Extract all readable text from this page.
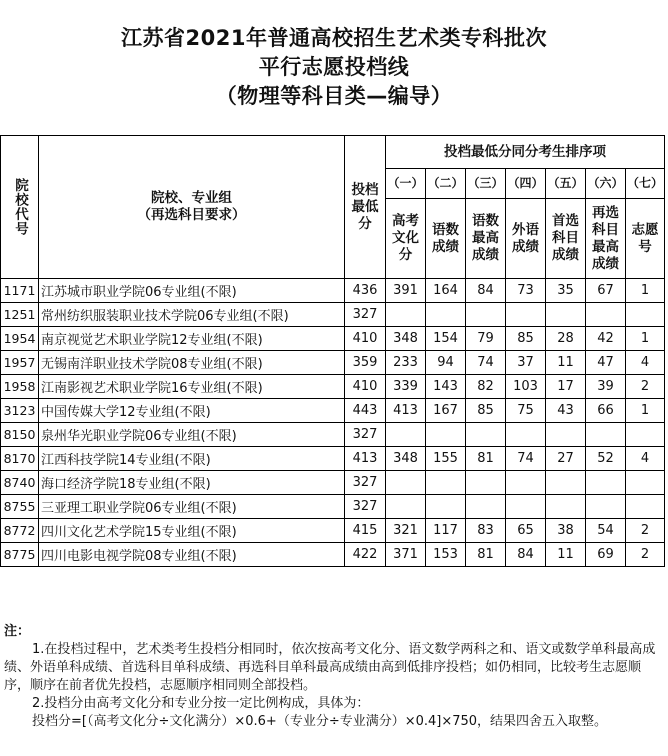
江苏省2021年普通高校招生艺术类专科批次
平行志愿投档线
（物理等科目类—编导）
院校代号	院校、专业组
（再选科目要求）	投档最低分	投档最低分同分考生排序项						
			（一）	（二）	（三）	（四）	（五）	（六）	（七）

			高考文化分	语数成绩	语数最高成绩	外语成绩	首选科目成绩	再选科目最高成绩	志愿号

1171	江苏城市职业学院06专业组(不限)	436	391	164	84	73	35	67	1
1251	常州纺织服装职业技术学院06专业组(不限)	327							
1954	南京视觉艺术职业学院12专业组(不限)	410	348	154	79	85	28	42	1
1957	无锡南洋职业技术学院08专业组(不限)	359	233	94	74	37	11	47	4
1958	江南影视艺术职业学院16专业组(不限)	410	339	143	82	103	17	39	2
3123	中国传媒大学12专业组(不限)	443	413	167	85	75	43	66	1
8150	泉州华光职业学院06专业组(不限)	327							
8170	江西科技学院14专业组(不限)	413	348	155	81	74	27	52	4
8740	海口经济学院18专业组(不限)	327							
8755	三亚理工职业学院06专业组(不限)	327							
8772	四川文化艺术学院15专业组(不限)	415	321	117	83	65	38	54	2
8775	四川电影电视学院08专业组(不限)	422	371	153	81	84	11	69	2
注：
1.在投档过程中，艺术类考生投档分相同时，依次按高考文化分、语文数学两科之和、语文或数学单科最高成绩、外语单科成绩、首选科目单科成绩、再选科目单科最高成绩由高到低排序投档；如仍相同，比较考生志愿顺序，顺序在前者优先投档，志愿顺序相同则全部投档。
2.投档分由高考文化分和专业分按一定比例构成，具体为：
投档分=[（高考文化分÷文化满分）×0.6+（专业分÷专业满分）×0.4]×750，结果四舍五入取整。
